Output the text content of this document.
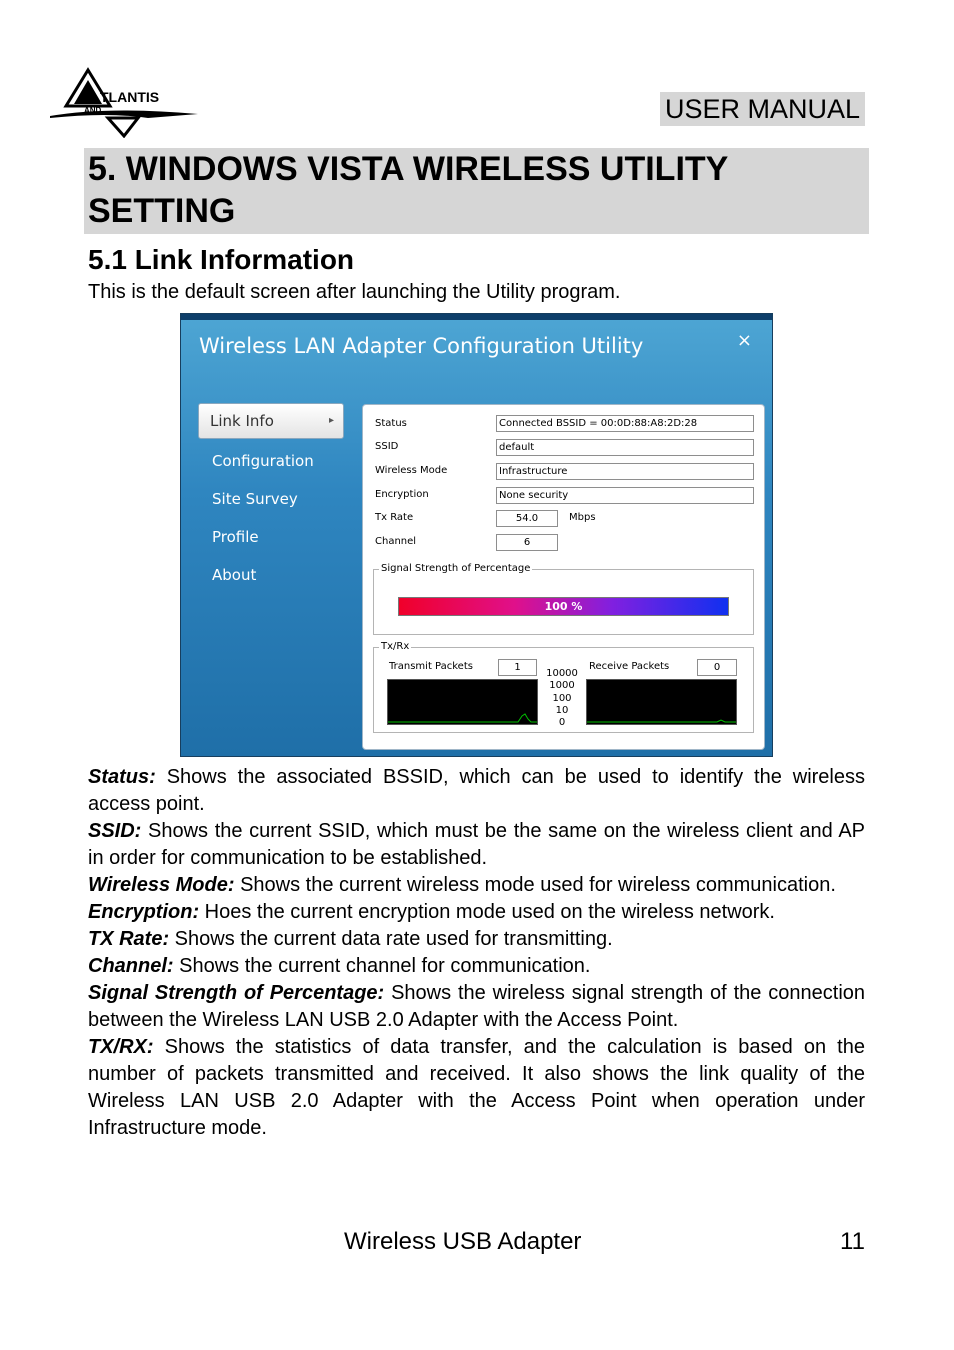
TLANTIS
AND	USER MANUAL
5. WINDOWS VISTA WIRELESS UTILITY SETTING
5.1 Link Information
This is the default screen after launching the Utility program.
Wireless LAN Adapter Configuration Utility	×
Link Info	▸
Configuration
Site Survey
Profile
About
Status	Connected BSSID = 00:0D:88:A8:2D:28
SSID	default
Wireless Mode	Infrastructure
Encryption	None security
Tx Rate	54.0	Mbps
Channel	6
Signal Strength of Percentage
100 %
Tx/Rx
Transmit Packets	1	Receive Packets	0
10000
1000
100
10
0

Status: Shows the associated BSSID, which can be used to identify the wireless access point.

SSID: Shows the current SSID, which must be the same on the wireless client and AP in order for communication to be established.

Wireless Mode: Shows the current wireless mode used for wireless communication.

Encryption: Hoes the current encryption mode used on the wireless network.

TX Rate: Shows the current data rate used for transmitting.

Channel: Shows the current channel for communication.

Signal Strength of Percentage: Shows the wireless signal strength of the connection between the Wireless LAN USB 2.0 Adapter with the Access Point.

TX/RX: Shows the statistics of data transfer, and the calculation is based on the number of packets transmitted and received. It also shows the link quality of the Wireless LAN USB 2.0 Adapter with the Access Point when operation under Infrastructure mode.

Wireless USB Adapter	11
